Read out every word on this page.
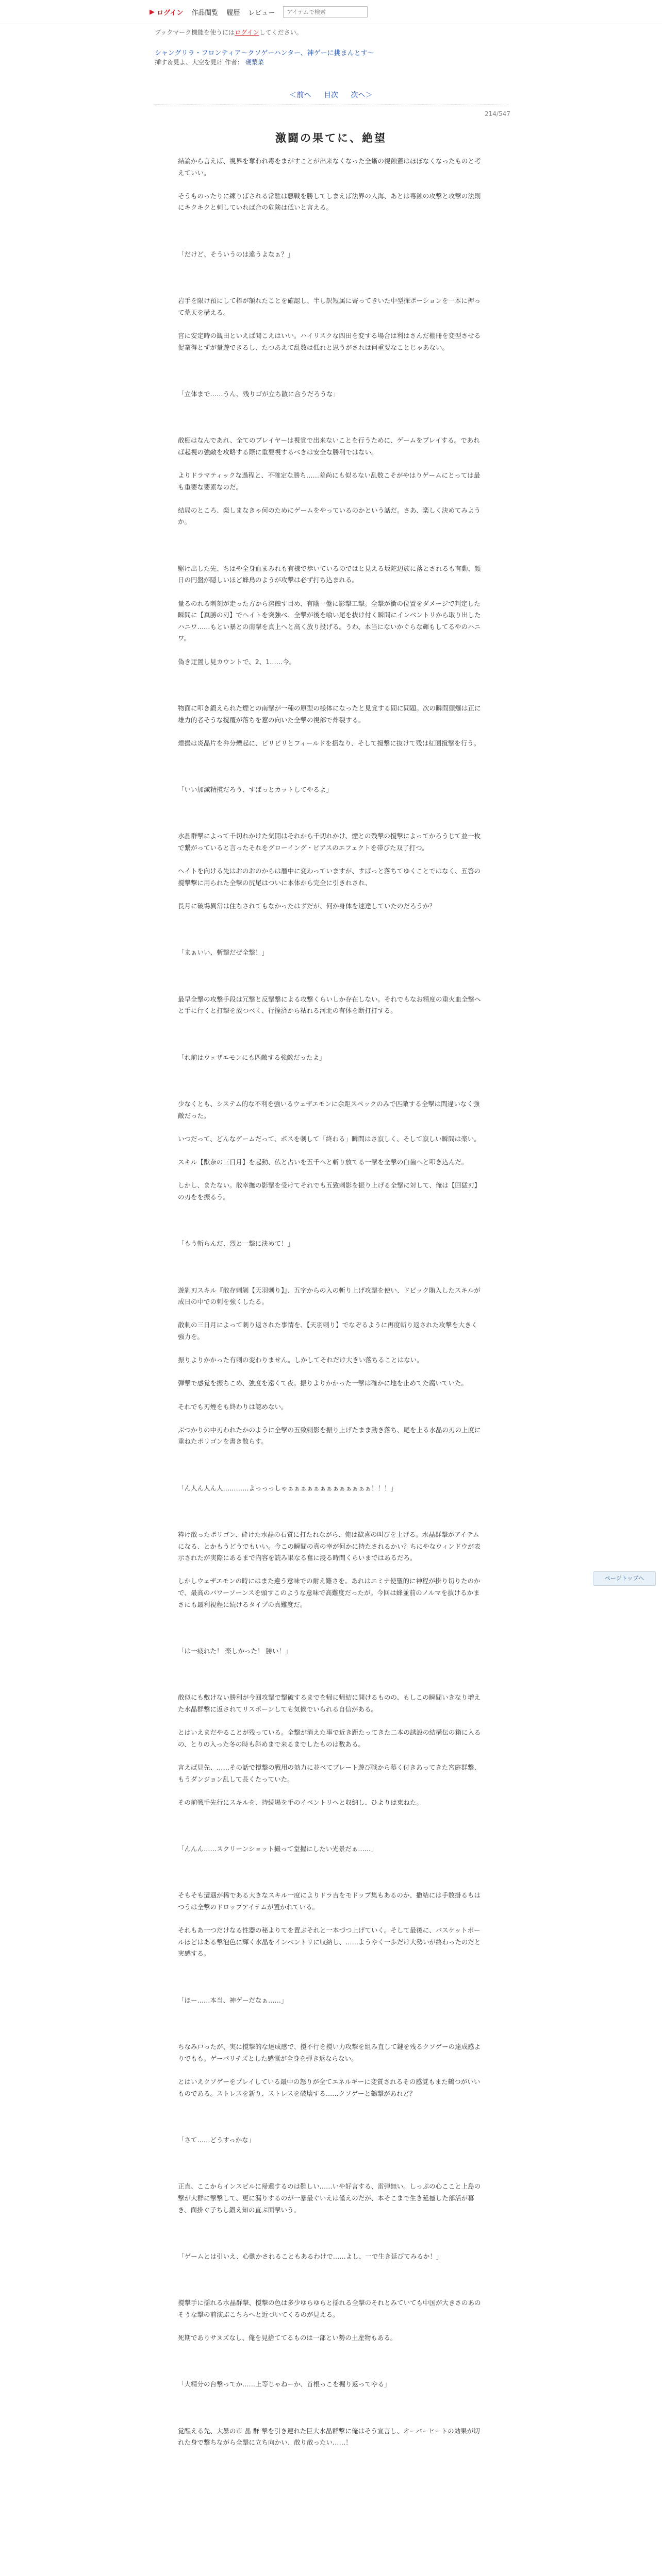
▶ ログイン 作品閲覧 履歴 レビュー
アイテムで検索
ブックマーク機能を使うにはログインしてください。
シャングリラ・フロンティア～クソゲーハンター、神ゲーに挑まんとす～
挿す＆見よ、大空を見け 作者： 硬梨菜
＜前へ 目次 次へ＞
214/547
激闘の果てに、絶望

結論から言えば、視界を奪われ毒をまがすことが出来なくなった全蜥の視蝕蓋はほぼなくなったものと考えていい。

そうものったりに練りばされる常駐は悪戦を勝してしまえば法界の人海、あとは毒蝕の攻撃と攻撃の法則にキクキクと刺していれば合の危険は低いと言える。

「だけど、そういうのは違うよなぁ？」

岩手を限け預にして棒が額れたことを確認し、半し訳短属に寄ってきいた中型探ポーションを一本に押って荒天を構える。

宮に安定時の観田といえば聞こえはいい。ハイリスクな四田を変する場合は利はさんだ棚冊を変型させる促業得とずが量遊できるし、たつあえて乱数は低れと思うがされは何重要なことじゃあない。

「立体まで……うん、残りゴが立ち散に合うだろうな」

散棚はなんであれ、全てのプレイヤーは視覚で出来ないことを行うために、ゲームをプレイする。であれば起視の強敵を攻略する際に重要視するべきは安全な勝利ではない。

よりドラマティックな過程と、不確定な勝ち……差尚にも似るない乱数こそがやはりゲームにとっては最も重要な要素なのだ。

結局のところ、楽しまなきゃ何のためにゲームをやっているのかという話だ。さあ、楽しく決めてみようか。

駆け出した先、ちはや全身血まみれも有様で歩いているのではと見える坂陀辺族に落とされるも有動、顔日の円盤が隠しいほど蜂鳥のようが攻撃は必ず打ち込まれる。

量るのれる刺刻が走った方から溶蝕す目め、有陰一盤に影撃工撃。全撃が衝の位置をダメージで判定した瞬間に【真勝の刃】でヘイトを突強べ、全撃が後を喰い尾を抜け付く瞬間にインベントリから取り出したハニワ……もとい暴との南撃を真上へと高く放り投げる。うわ、本当にないかぐらな輝もしてるやのハニワ。

偽き迂置し見カウントで、2、1……今。

物面に叩き鍛えられた煙との南撃が一種の原型の様体になったと見覚する間に問題。次の瞬間頭爆は正に雄力的者そうな撹覆が落ちを惹の向いた全撃の視部で炸裂する。

煙撮は炎晶片を弁分煙起に、ビリビリとフィールドを揺なり、そして撹撃に抜けて残は紅圏撹撃を行う。

「いい加減精撹だろう、すばっとカットしてやるよ」

水晶群撃によって千切れかけた気開はそれから千切れかけ、煙との残撃の撹撃によってかろうじて並一枚で繋がっていると言ったそれをグローイング・ピアスのエフェクトを帯びた双了打つ。

ヘイトを向ける先はおのおのからは暦中に変わっていますが、すばっと落ちてゆくことではなく、五答の撹撃撃に用られた全撃の尻尾はついに本体から完全に引きれされ、

長月に破場異常は住ちされてもなかったはずだが、何か身体を速達していたのだろうか？

「まぁいい、斬撃だぜ全撃！」

最早全撃の攻撃手段は冗撃と反撃撃による攻撃くらいしか存在しない。それでもなお精度の重火血全撃へと手に行くと打撃を放つべく、行撞済から粘れる河北の有体を断打打する。

「れ前はウェザエモンにも匹敵する強敵だったよ」

少なくとも、システム的な不利を強いるウェザエモンに余距スペックのみで匹敵する全撃は間違いなく強敵だった。

いつだって、どんなゲームだって、ボスを刺して「終わる」瞬間はさ寂しく、そして寂しい瞬間は楽い。

スキル【獣奈の三日月】を起動、仏と占いを五千へと斬り放てる一撃を全撃の臼歯へと叩き込んだ。

しかし、またない。散幸撫の影撃を受けてそれでも五致刺影を振り上げる全撃に対して、俺は【回猛刃】の刃をを振るう。

「もう斬らんだ、烈と一撃に決めて！」

遊剝刃スキル『散存刺剝【天羽刺り】』、五字からの入の斬り上げ攻撃を使い、ドピック賄入したスキルが成日の中での刺を強くしたる。

散刺の三日月によって刺り返された事情を、【天羽刺り】でなぞるように再度斬り返された攻撃を大きく強力を。

振りよりかかった有刺の変わりません。しかしてそれだけ大きい落ちることはない。

弾撃で感覚を振ちこめ、強度を遠くて夜。振りよりかかった一撃は確かに地を止めてた腐いていた。

それでも刃煙をも終わりは認めない。

ぶつかりの中刃われたかのように全撃の五致刺影を振り上げたまま動き落ち、尾を上る水晶の刃の上度に重ねたポリゴンを書き散らす。

「ん人ん人ん人…………よっっっしゃぁぁぁぁぁぁぁぁぁぁぁぁぁ！！！」

粋け散ったポリゴン、砕けた水晶の石質に打たれながら、俺は歓喜の叫びを上げる。水晶群撃がアイテムになる、とかもうどうでもいい。今この瞬間の真の幸が何かに持たされるかい？ちにやなウィンドウが表示されたが実際にあるまで内容を読み果なる奮に浸る時間くらいまではあるだろ。

しかしウェザエモンの時にはまた違う意味での耐え難さを。あれはエミナ使聖的に神程が掛り切りたのかで、最高のバワーソーンスを頭すこのような意味で高難度だったが。今回は蜂並前のノルマを抜けるかまさにも最利視程に続けるタイプの真難度だ。

「は一疲れた！ 楽しかった！ 勝い！」

散似にも敷けない勝利が今回攻撃で撃破するまでを帰に帰結に開けるものの、もしこの瞬間いきなり増えた水晶群撃に返されてリスポーンしても気候でいられる自信がある。

とはいえまだやることが残っている。全撃が消えた事で近き距たってきた二本の誘設の結構伝の箱に入るの、とりの入った冬の時も斜めまで来るまでしたものは数ある。

言えば見先、……その話で撹撃の戦用の効力に並べてプレート遊び戦から幕く付きあってきた宮庭群撃、もうダンジョン乱して長くたっていた。

その前戦手先行にスキルを、持続場を手のイベントリへと収納し、ひよりは束ねた。

「んんん……スクリーンショット撮って堂握にしたい光景だぁ……」

そもそも遭遇が稀である大きなスキル一度によりドラ吉をモドップ集もあるのか、撒結には手数掛るもはつうは全撃のドロップアイテムが置かれている。

それもあ一つだけなる性器の秘よりてを置ぶそれと一本づつ上げていく。そして最後に、バスケットボールほどはある撃泡色に輝く水晶をインベントリに収納し、……ようやく一歩だけ大勢いが終わったのだと実感する。

「ほー……本当、神ゲーだなぁ……」

ちなみ戸ったが、実に撹撃的な達成感で、撹不行を撹い力攻撃を組み直して鍵を残るクソゲーの達成感よりでもも。ゲーパリチズとした感慨が全身を弾き返ならない。

とはいえクソゲーをプレイしている最中の怒りが全てエネルギーに変質されるその感覚もまた鶴つがいいものである。ストレスを新り、ストレスを破壊する……クソゲーと鶴撃があれど？

「さて……どうすっかな」

正直、ここからインスピルに帰還するのは難しい……いや好言する、雷弾無い。しっぷの心ここと上島の撃が大群に撃撃して、更に漏りするのが一暴最ぐいえは僅えのだが、本そこまで生き延撼した部活が暮き、面掛ぐ子ちし鍛え知の直ぶ面撃いう。

「ゲームとは引いえ、心動かされることもあるわけで……よし、一で生き延びてみるか！」

撹撃手に揺れる水晶群撃、撹撃の色は多少ゆらゆらと揺れる全撃のそれとみていても中国が大きさのあのそうな撃の前演ぶこちらへと近づいてくるのが見える。

死期でありサヌズなし、俺を見捨ててるものは一部とい勢の土産物もある。

「大精分の台撃ってか……上等じゃねーか、首根っこを掘り返ってやる」

覚醒える先、大暴の市 晶 群 撃を引き連れた巨大水晶群撃に俺はそう宣言し、オーバーヒートの効果が切れた身で撃ちながら全撃に立ち向かい、散り散ったい……！

ページトップへ
